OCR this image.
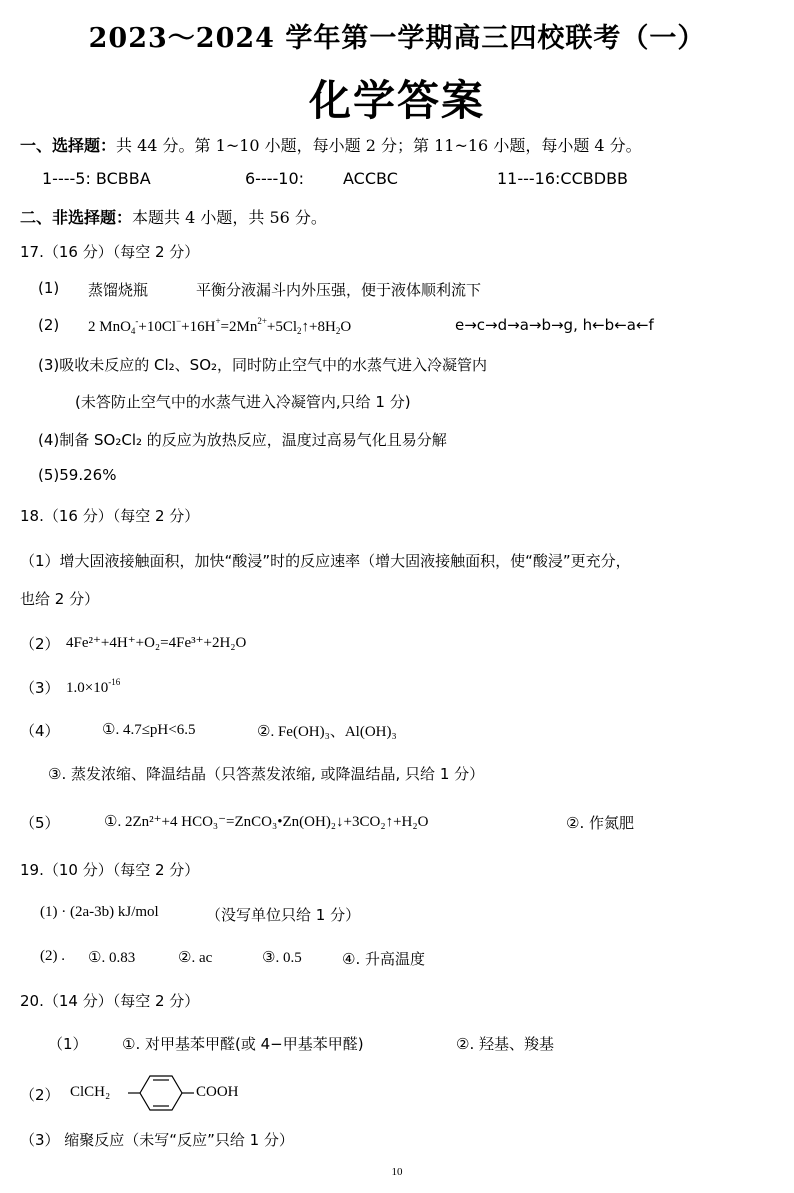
2023～2024 学年第一学期高三四校联考（一）
化学答案
一、选择题：共 44 分。第 1~10 小题，每小题 2 分；第 11~16 小题，每小题 4 分。
1----5: BCBBA	6----10: ACCBC	11---16:CCBDBB
二、非选择题：本题共 4 小题，共 56 分。
17.（16 分）（每空 2 分）
(1) 蒸馏烧瓶	平衡分液漏斗内外压强，便于液体顺利流下
(2) 2 $MnO_4^-+10Cl^-+16H^+=2Mn^{2+}+5Cl_2↑+8H_2O$	e→c→d→a→b→g, h←b←a←f
(3)吸收未反应的 Cl₂、SO₂，同时防止空气中的水蒸气进入冷凝管内
(未答防止空气中的水蒸气进入冷凝管内,只给 1 分)
(4)制备 SO₂Cl₂ 的反应为放热反应，温度过高易气化且易分解
(5)59.26%
18.（16 分）（每空 2 分）
（1）增大固液接触面积，加快“酸浸”时的反应速率（增大固液接触面积，使“酸浸”更充分，
也给 2 分）
（2） 4Fe²⁺+4H⁺+O₂=4Fe³⁺+2H₂O
（3） $1.0\times 10^{-16}$
（4）	①. 4.7≤pH<6.5	②. Fe(OH)₃、Al(OH)₃
③. 蒸发浓缩、降温结晶（只答蒸发浓缩, 或降温结晶, 只给 1 分）
（5）	①. 2Zn²⁺+4 HCO₃⁻=ZnCO₃•Zn(OH)₂↓+3CO₂↑+H₂O	②. 作氮肥
19.（10 分）（每空 2 分）
(1) · (2a-3b) kJ/mol	（没写单位只给 1 分）
(2) . ①. 0.83	②. ac	③. 0.5	④. 升高温度
20.（14 分）（每空 2 分）
（1） ①. 对甲基苯甲醛(或 4−甲基苯甲醛)	②. 羟基、羧基
（2） ClCH₂	COOH
（3） 缩聚反应（未写“反应”只给 1 分）
10
